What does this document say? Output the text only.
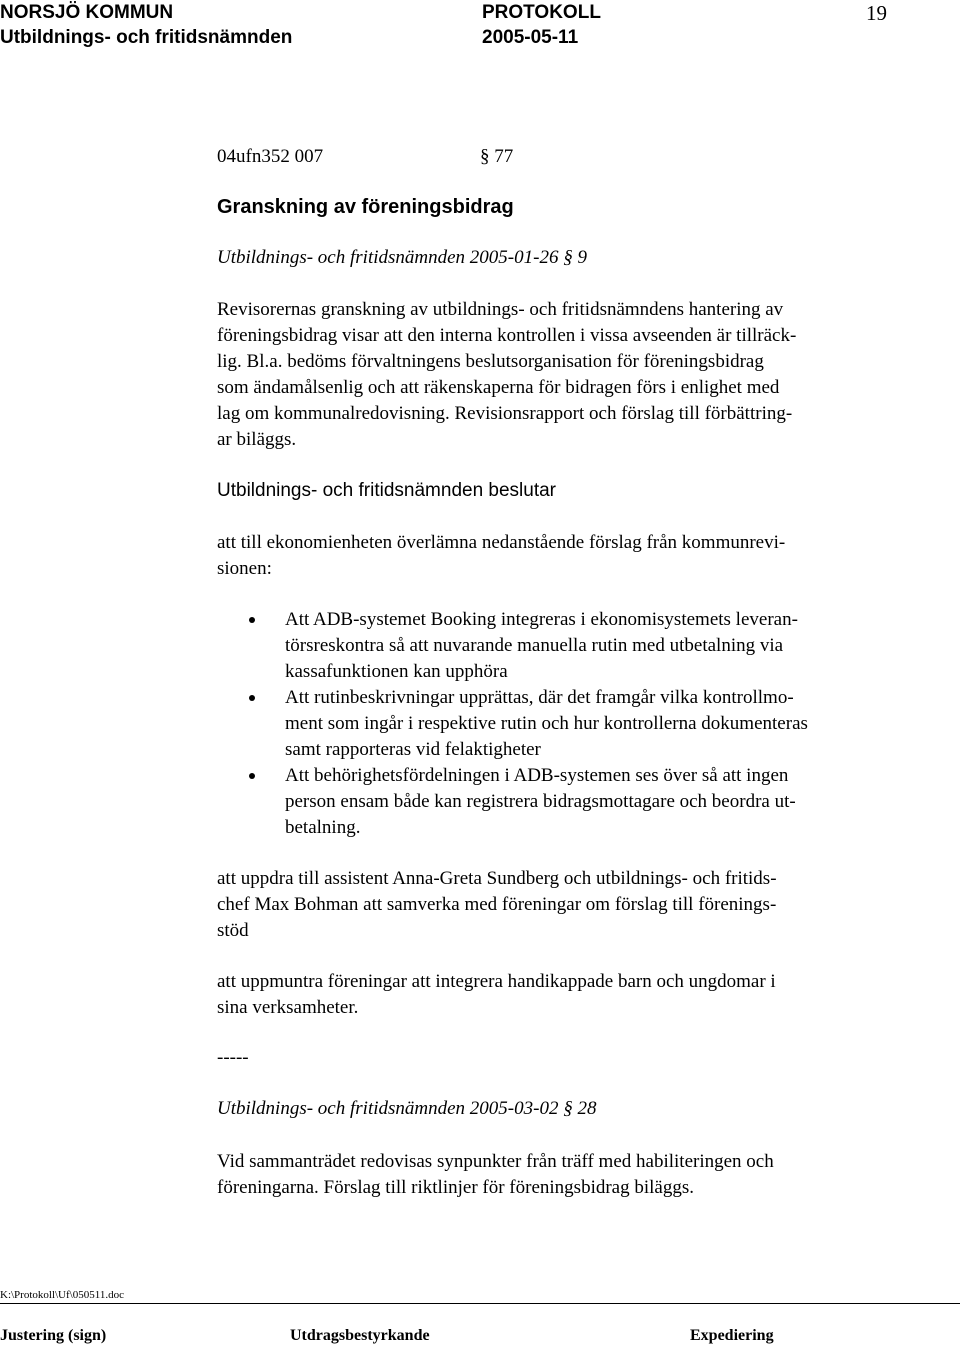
NORSJÖ KOMMUN
Utbildnings- och fritidsnämnden
PROTOKOLL
2005-05-11
19
04ufn352 007	§ 77
Granskning av föreningsbidrag
Utbildnings- och fritidsnämnden 2005-01-26 § 9
Revisorernas granskning av utbildnings- och fritidsnämndens hantering av
föreningsbidrag visar att den interna kontrollen i vissa avseenden är tillräck-
lig. Bl.a. bedöms förvaltningens beslutsorganisation för föreningsbidrag
som ändamålsenlig och att räkenskaperna för bidragen förs i enlighet med
lag om kommunalredovisning. Revisionsrapport och förslag till förbättring-
ar biläggs.
Utbildnings- och fritidsnämnden beslutar
att till ekonomienheten överlämna nedanstående förslag från kommunrevi-
sionen:
Att ADB-systemet Booking integreras i ekonomisystemets leveran-
törsreskontra så att nuvarande manuella rutin med utbetalning via
kassafunktionen kan upphöra
Att rutinbeskrivningar upprättas, där det framgår vilka kontrollmo-
ment som ingår i respektive rutin och hur kontrollerna dokumenteras
samt rapporteras vid felaktigheter
Att behörighetsfördelningen i ADB-systemen ses över så att ingen
person ensam både kan registrera bidragsmottagare och beordra ut-
betalning.
att uppdra till assistent Anna-Greta Sundberg och utbildnings- och fritids-
chef Max Bohman att samverka med föreningar om förslag till förenings-
stöd
att uppmuntra föreningar att integrera handikappade barn och ungdomar i
sina verksamheter.
-----
Utbildnings- och fritidsnämnden 2005-03-02 § 28
Vid sammanträdet redovisas synpunkter från träff med habiliteringen och
föreningarna. Förslag till riktlinjer för föreningsbidrag biläggs.
K:\Protokoll\Uf\050511.doc
Justering (sign)	Utdragsbestyrkande	Expediering
